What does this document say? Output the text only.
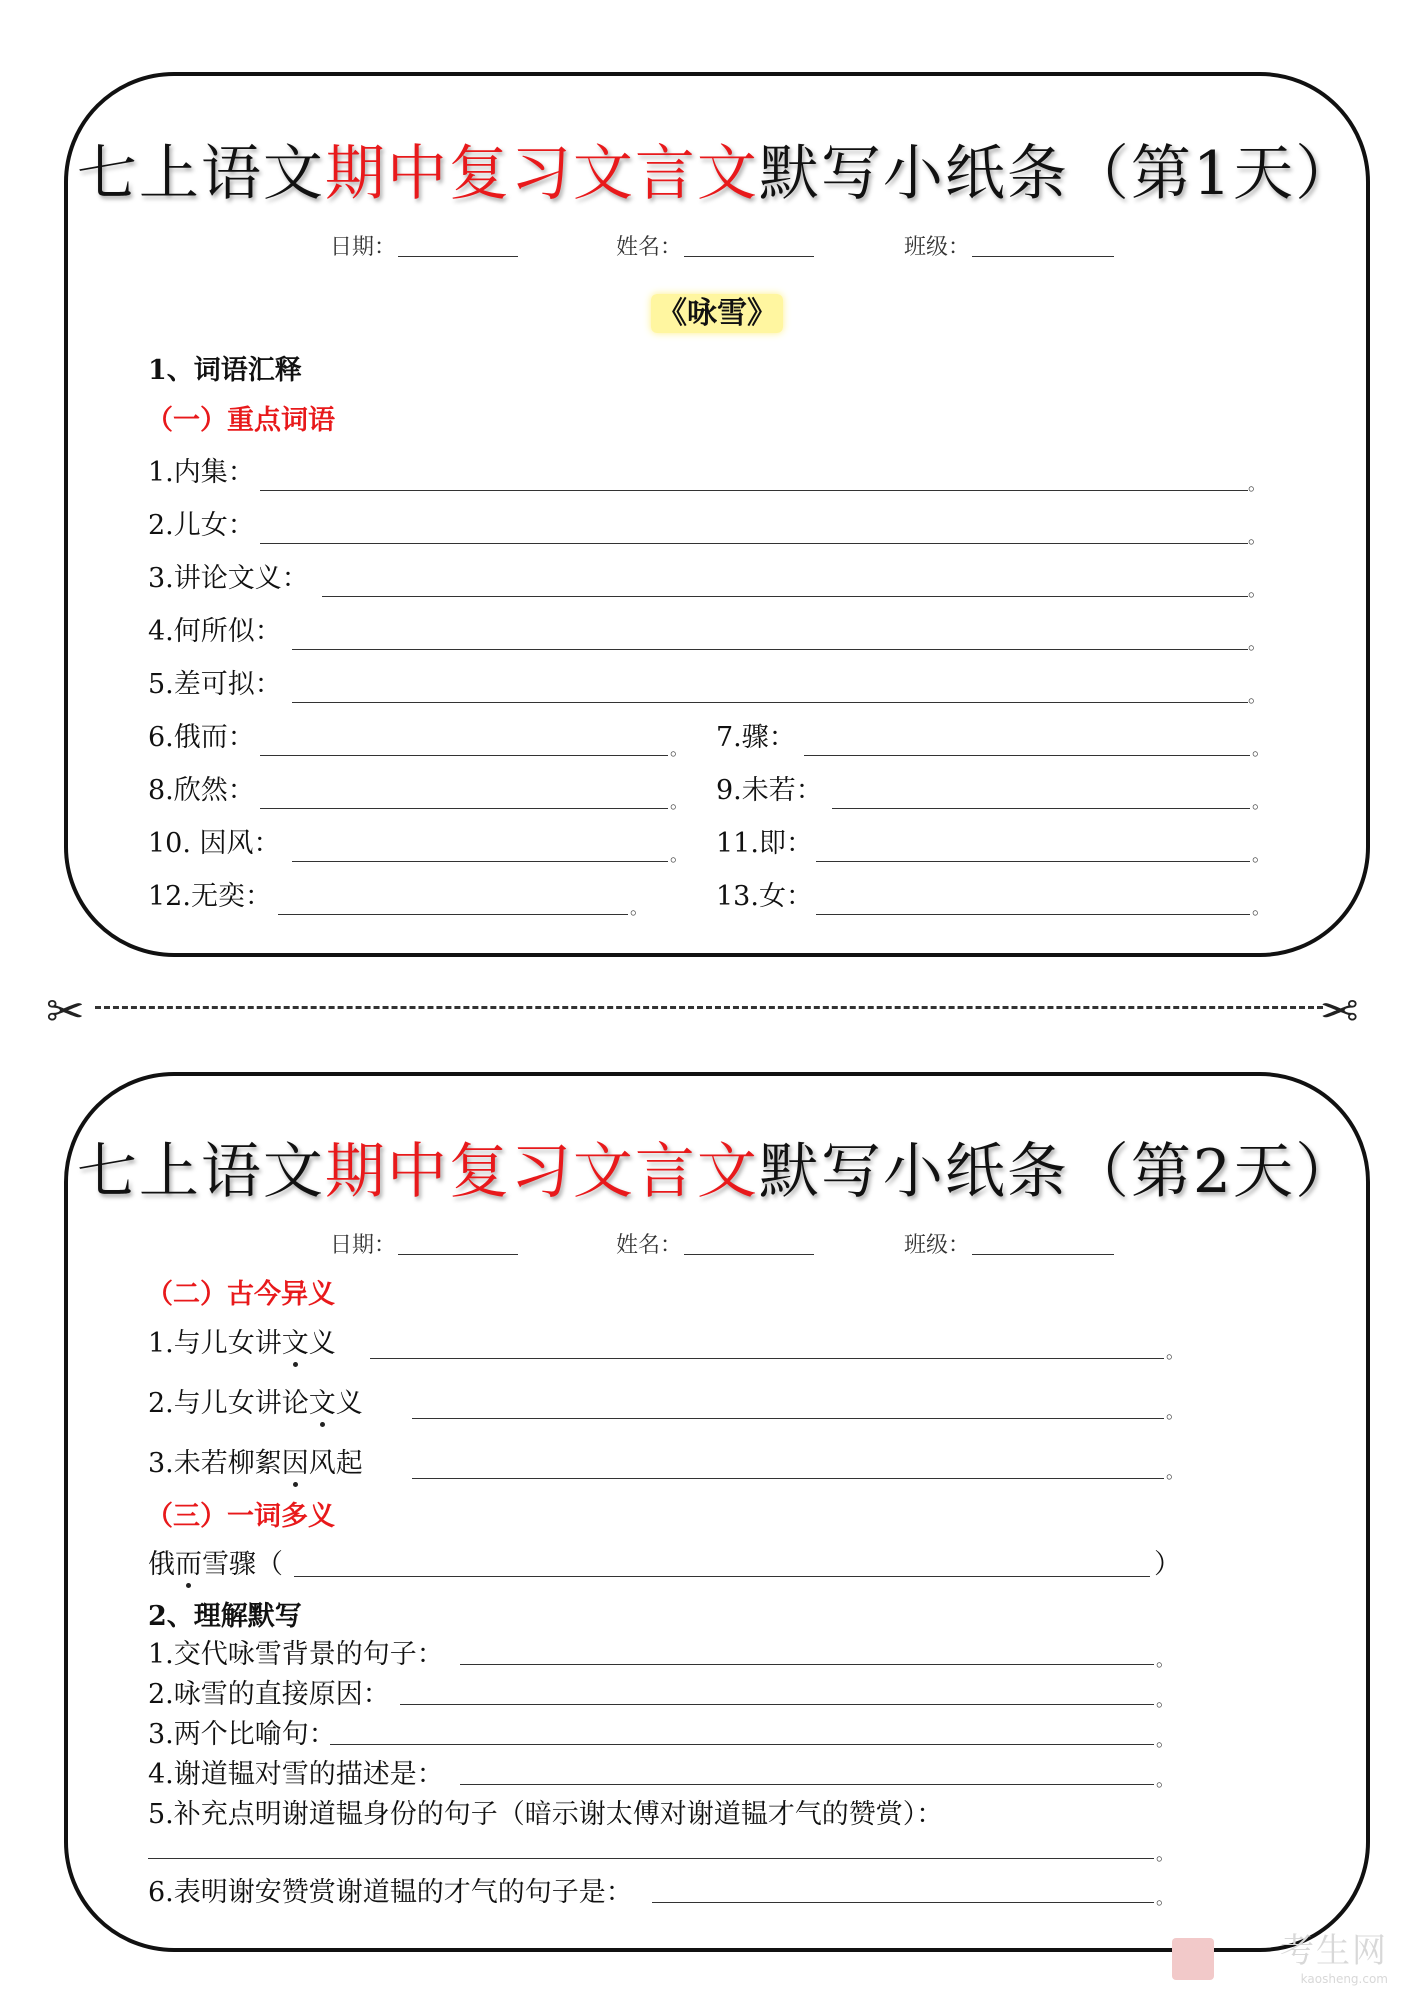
七上语文期中复习文言文默写小纸条（第1天）
日期：	姓名：	班级：
《咏雪》
1、词语汇释
（一）重点词语
1.内集：	。
2.儿女：	。
3.讲论文义：	。
4.何所似：	。
5.差可拟：	。
6.俄而：	。 7.骤：	。
8.欣然：	。 9.未若：	。
10. 因风：	。 11.即：	。
12.无奕：	。	13.女：	。
✂	✂
七上语文期中复习文言文默写小纸条（第2天）
日期：	姓名：	班级：
（二）古今异义
1.与儿女讲文义	。
2.与儿女讲论文义	。
3.未若柳絮因风起	。
（三）一词多义
俄而雪骤（	）
2、理解默写
1.交代咏雪背景的句子：	。
2.咏雪的直接原因：	。
3.两个比喻句：	。
4.谢道韫对雪的描述是：	。
5.补充点明谢道韫身份的句子（暗示谢太傅对谢道韫才气的赞赏）：
。
6.表明谢安赞赏谢道韫的才气的句子是：	。
考生网
kaosheng.com
